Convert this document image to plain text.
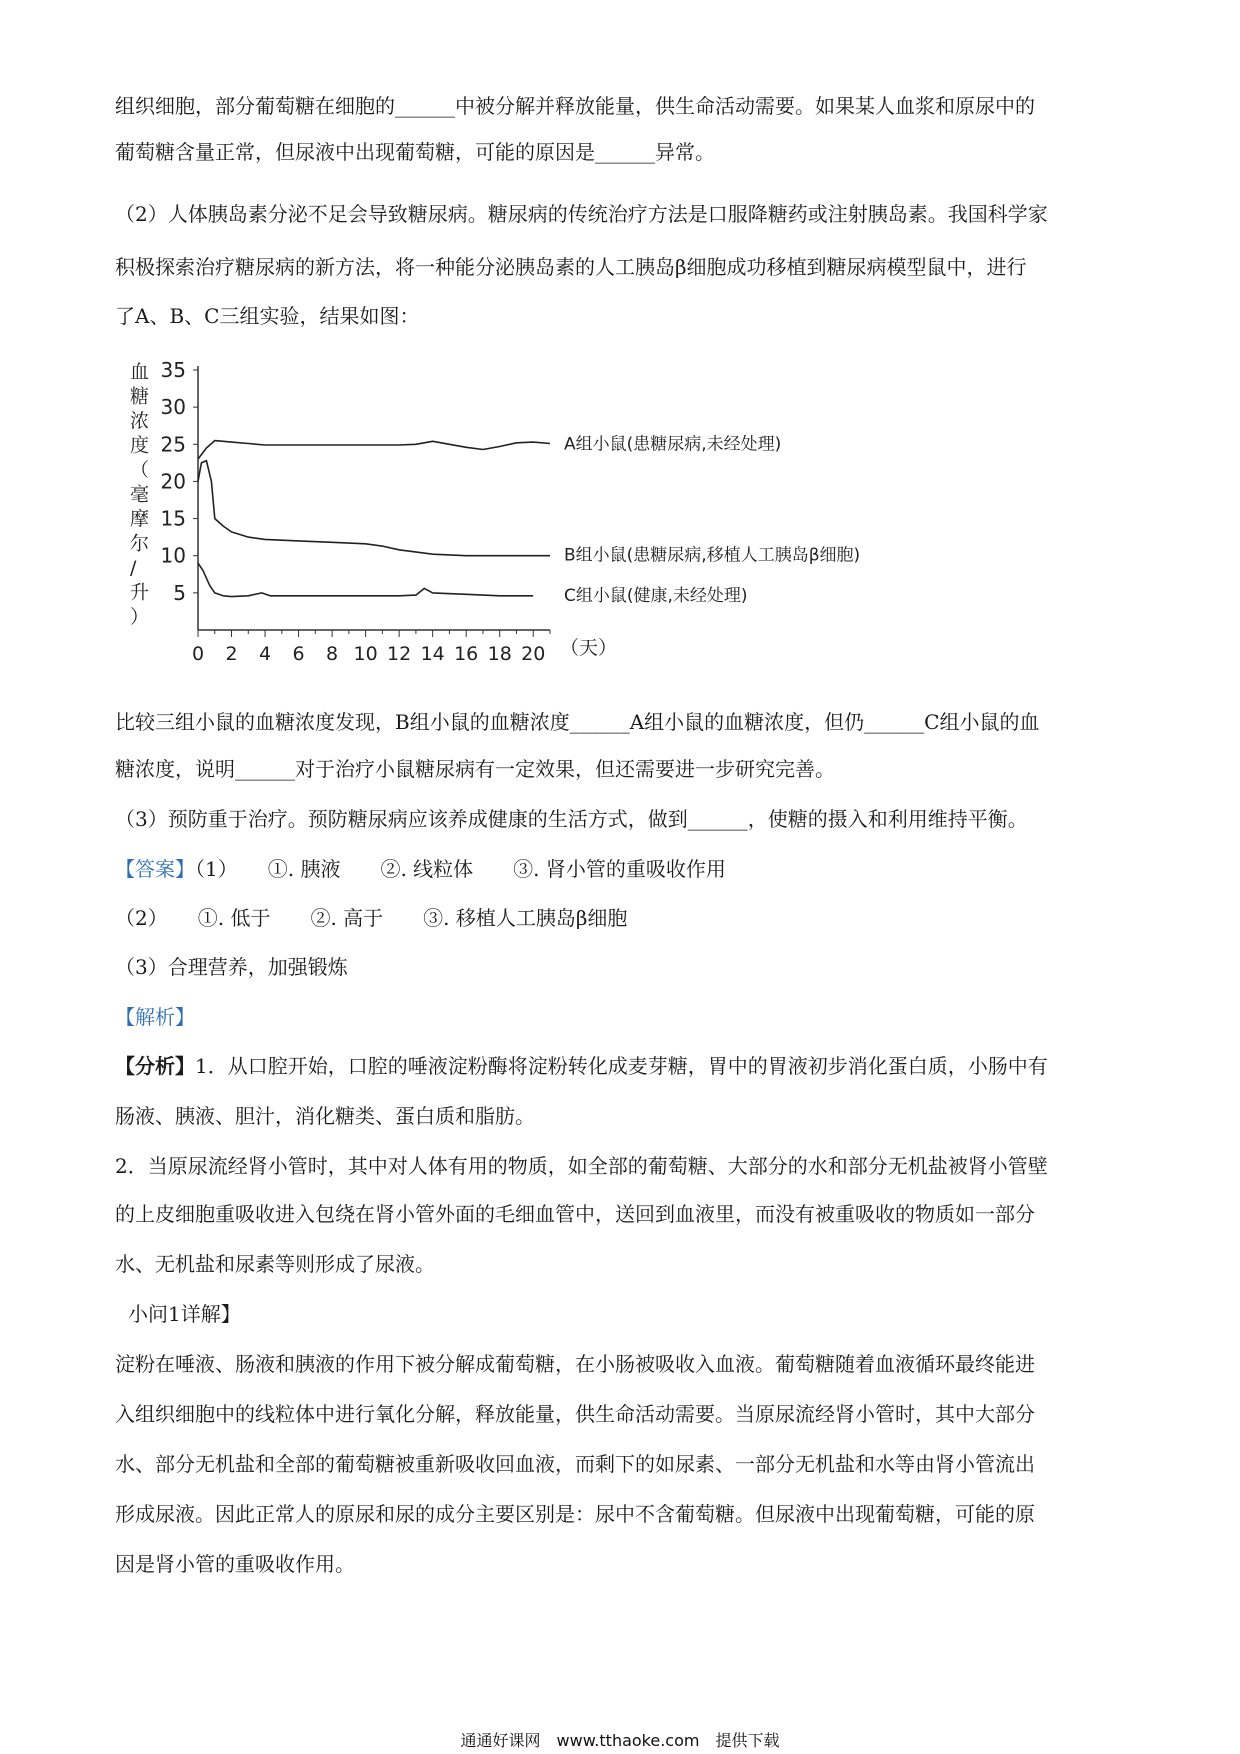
组织细胞，部分葡萄糖在细胞的______中被分解并释放能量，供生命活动需要。如果某人血浆和原尿中的
葡萄糖含量正常，但尿液中出现葡萄糖，可能的原因是______异常。
（2）人体胰岛素分泌不足会导致糖尿病。糖尿病的传统治疗方法是口服降糖药或注射胰岛素。我国科学家
积极探索治疗糖尿病的新方法，将一种能分泌胰岛素的人工胰岛β细胞成功移植到糖尿病模型鼠中，进行
了A、B、C三组实验，结果如图：
血糖浓度（毫摩尔/升）
5
10
15
20
25
30
35
0 2 4 6 8 10 12 14 16 18 20 （天）
A组小鼠(患糖尿病,未经处理)
B组小鼠(患糖尿病,移植人工胰岛β细胞)
C组小鼠(健康,未经处理)
比较三组小鼠的血糖浓度发现，B组小鼠的血糖浓度______A组小鼠的血糖浓度，但仍______C组小鼠的血
糖浓度，说明______对于治疗小鼠糖尿病有一定效果，但还需要进一步研究完善。
（3）预防重于治疗。预防糖尿病应该养成健康的生活方式，做到______，使糖的摄入和利用维持平衡。
【答案】（1）　　①. 胰液　　②. 线粒体　　③. 肾小管的重吸收作用
（2）　　①. 低于　　②. 高于　　③. 移植人工胰岛β细胞
（3）合理营养，加强锻炼
【解析】
【分析】1．从口腔开始，口腔的唾液淀粉酶将淀粉转化成麦芽糖，胃中的胃液初步消化蛋白质，小肠中有
肠液、胰液、胆汁，消化糖类、蛋白质和脂肪。
2．当原尿流经肾小管时，其中对人体有用的物质，如全部的葡萄糖、大部分的水和部分无机盐被肾小管壁
的上皮细胞重吸收进入包绕在肾小管外面的毛细血管中，送回到血液里，而没有被重吸收的物质如一部分
水、无机盐和尿素等则形成了尿液。
小问1详解】
淀粉在唾液、肠液和胰液的作用下被分解成葡萄糖，在小肠被吸收入血液。葡萄糖随着血液循环最终能进
入组织细胞中的线粒体中进行氧化分解，释放能量，供生命活动需要。当原尿流经肾小管时，其中大部分
水、部分无机盐和全部的葡萄糖被重新吸收回血液，而剩下的如尿素、一部分无机盐和水等由肾小管流出
形成尿液。因此正常人的原尿和尿的成分主要区别是：尿中不含葡萄糖。但尿液中出现葡萄糖，可能的原
因是肾小管的重吸收作用。
通通好课网　www.tthaoke.com　提供下载
